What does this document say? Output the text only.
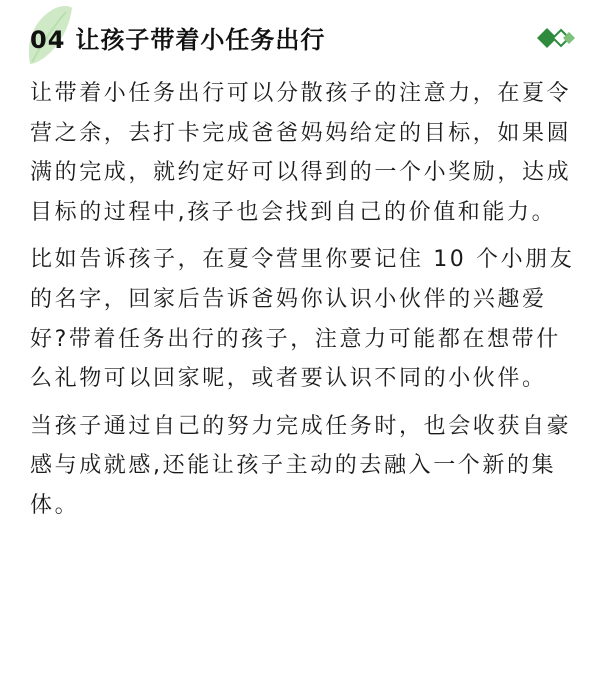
04 让孩子带着小任务出行

让带着小任务出行可以分散孩子的注意力，在夏令营之余，去打卡完成爸爸妈妈给定的目标，如果圆满的完成，就约定好可以得到的一个小奖励，达成目标的过程中,孩子也会找到自己的价值和能力。

比如告诉孩子，在夏令营里你要记住 10 个小朋友的名字，回家后告诉爸妈你认识小伙伴的兴趣爱好?带着任务出行的孩子，注意力可能都在想带什么礼物可以回家呢，或者要认识不同的小伙伴。

当孩子通过自己的努力完成任务时，也会收获自豪感与成就感,还能让孩子主动的去融入一个新的集体。
